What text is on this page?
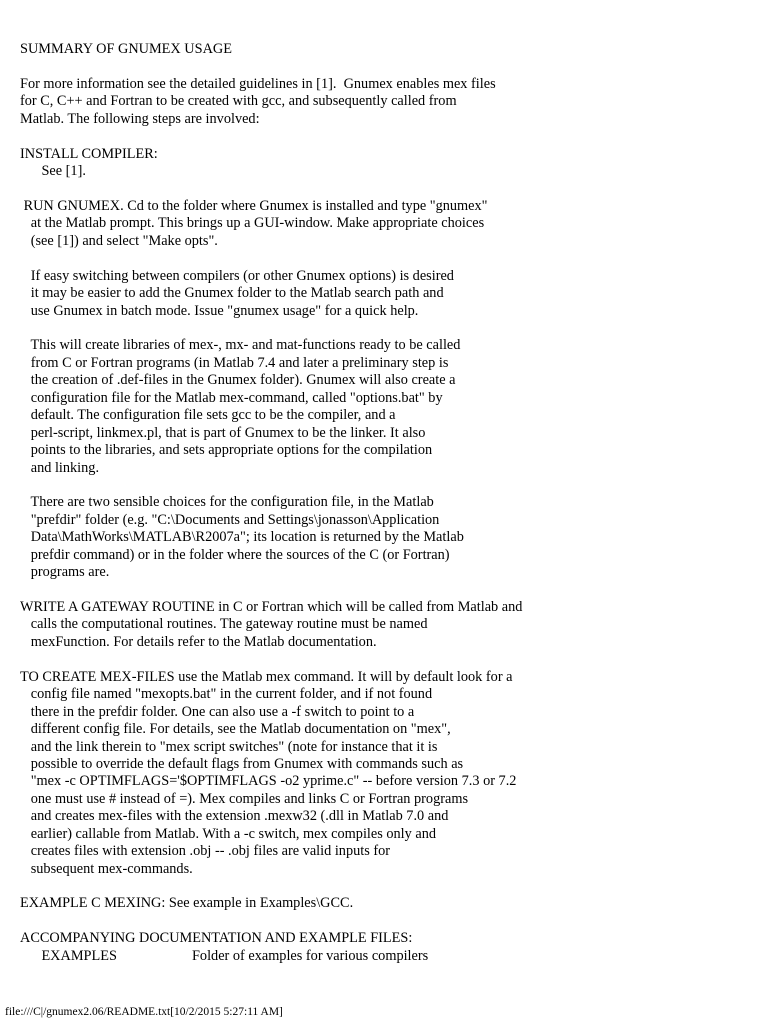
SUMMARY OF GNUMEX USAGE
For more information see the detailed guidelines in [1].  Gnumex enables mex files
for C, C++ and Fortran to be created with gcc, and subsequently called from
Matlab. The following steps are involved:
INSTALL COMPILER:
See [1].
RUN GNUMEX. Cd to the folder where Gnumex is installed and type "gnumex"
at the Matlab prompt. This brings up a GUI-window. Make appropriate choices
(see [1]) and select "Make opts".
If easy switching between compilers (or other Gnumex options) is desired
it may be easier to add the Gnumex folder to the Matlab search path and
use Gnumex in batch mode. Issue "gnumex usage" for a quick help.
This will create libraries of mex-, mx- and mat-functions ready to be called
from C or Fortran programs (in Matlab 7.4 and later a preliminary step is
the creation of .def-files in the Gnumex folder). Gnumex will also create a
configuration file for the Matlab mex-command, called "options.bat" by
default. The configuration file sets gcc to be the compiler, and a
perl-script, linkmex.pl, that is part of Gnumex to be the linker. It also
points to the libraries, and sets appropriate options for the compilation
and linking.
There are two sensible choices for the configuration file, in the Matlab
"prefdir" folder (e.g. "C:\Documents and Settings\jonasson\Application
Data\MathWorks\MATLAB\R2007a"; its location is returned by the Matlab
prefdir command) or in the folder where the sources of the C (or Fortran)
programs are.
WRITE A GATEWAY ROUTINE in C or Fortran which will be called from Matlab and
calls the computational routines. The gateway routine must be named
mexFunction. For details refer to the Matlab documentation.
TO CREATE MEX-FILES use the Matlab mex command. It will by default look for a
config file named "mexopts.bat" in the current folder, and if not found
there in the prefdir folder. One can also use a -f switch to point to a
different config file. For details, see the Matlab documentation on "mex",
and the link therein to "mex script switches" (note for instance that it is
possible to override the default flags from Gnumex with commands such as
"mex -c OPTIMFLAGS='$OPTIMFLAGS -o2 yprime.c" -- before version 7.3 or 7.2
one must use # instead of =). Mex compiles and links C or Fortran programs
and creates mex-files with the extension .mexw32 (.dll in Matlab 7.0 and
earlier) callable from Matlab. With a -c switch, mex compiles only and
creates files with extension .obj -- .obj files are valid inputs for
subsequent mex-commands.
EXAMPLE C MEXING: See example in Examples\GCC.
ACCOMPANYING DOCUMENTATION AND EXAMPLE FILES:
EXAMPLES                     Folder of examples for various compilers
file:///C|/gnumex2.06/README.txt[10/2/2015 5:27:11 AM]
